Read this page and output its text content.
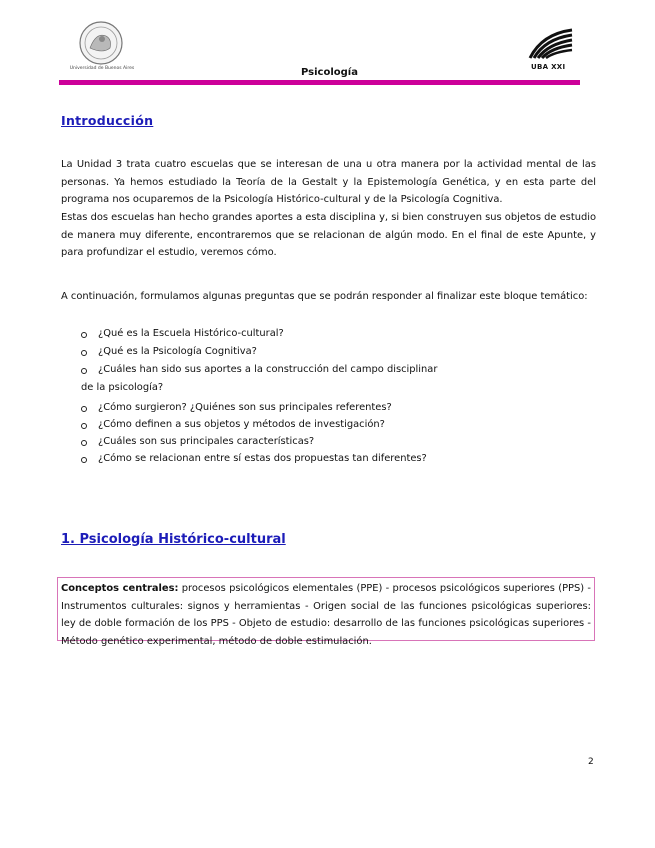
Universidad de Buenos Aires	Psicología	UBA XXI
Introducción
La Unidad 3 trata cuatro escuelas que se interesan de una u otra manera por la actividad mental de las personas. Ya hemos estudiado la Teoría de la Gestalt y la Epistemología Genética, y en esta parte del programa nos ocuparemos de la Psicología Histórico-cultural y de la Psicología Cognitiva.
Estas dos escuelas han hecho grandes aportes a esta disciplina y, si bien construyen sus objetos de estudio de manera muy diferente, encontraremos que se relacionan de algún modo. En el final de este Apunte, y para profundizar el estudio, veremos cómo.
A continuación, formulamos algunas preguntas que se podrán responder al finalizar este bloque temático:
¿Qué es la Escuela Histórico-cultural?
¿Qué es la Psicología Cognitiva?
¿Cuáles han sido sus aportes a la construcción del campo disciplinar
de la psicología?
¿Cómo surgieron? ¿Quiénes son sus principales referentes?
¿Cómo definen a sus objetos y métodos de investigación?
¿Cuáles son sus principales características?
¿Cómo se relacionan entre sí estas dos propuestas tan diferentes?
1. Psicología Histórico-cultural
Conceptos centrales: procesos psicológicos elementales (PPE) - procesos psicológicos superiores (PPS) - Instrumentos culturales: signos y herramientas - Origen social de las funciones psicológicas superiores: ley de doble formación de los PPS - Objeto de estudio: desarrollo de las funciones psicológicas superiores - Método genético experimental, método de doble estimulación.
2
